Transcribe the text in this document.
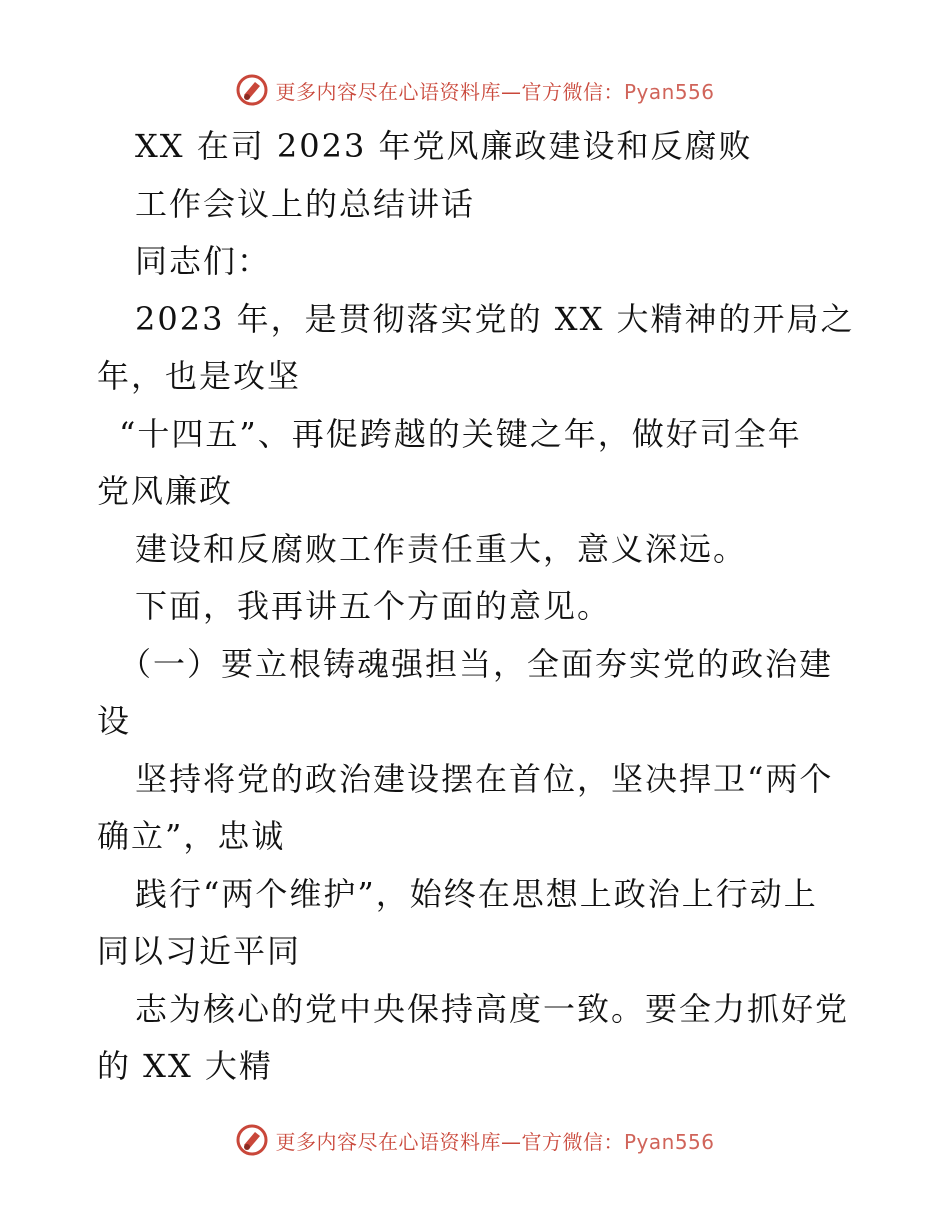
更多内容尽在心语资料库—官方微信：Pyan556
XX 在司 2023 年党风廉政建设和反腐败
工作会议上的总结讲话
同志们：
2023 年，是贯彻落实党的 XX 大精神的开局之
年，也是攻坚
“十四五”、再促跨越的关键之年，做好司全年
党风廉政
建设和反腐败工作责任重大，意义深远。
下面，我再讲五个方面的意见。
（一）要立根铸魂强担当，全面夯实党的政治建
设
坚持将党的政治建设摆在首位，坚决捍卫“两个
确立”，忠诚
践行“两个维护”，始终在思想上政治上行动上
同以习近平同
志为核心的党中央保持高度一致。要全力抓好党
的 XX 大精
更多内容尽在心语资料库—官方微信：Pyan556
